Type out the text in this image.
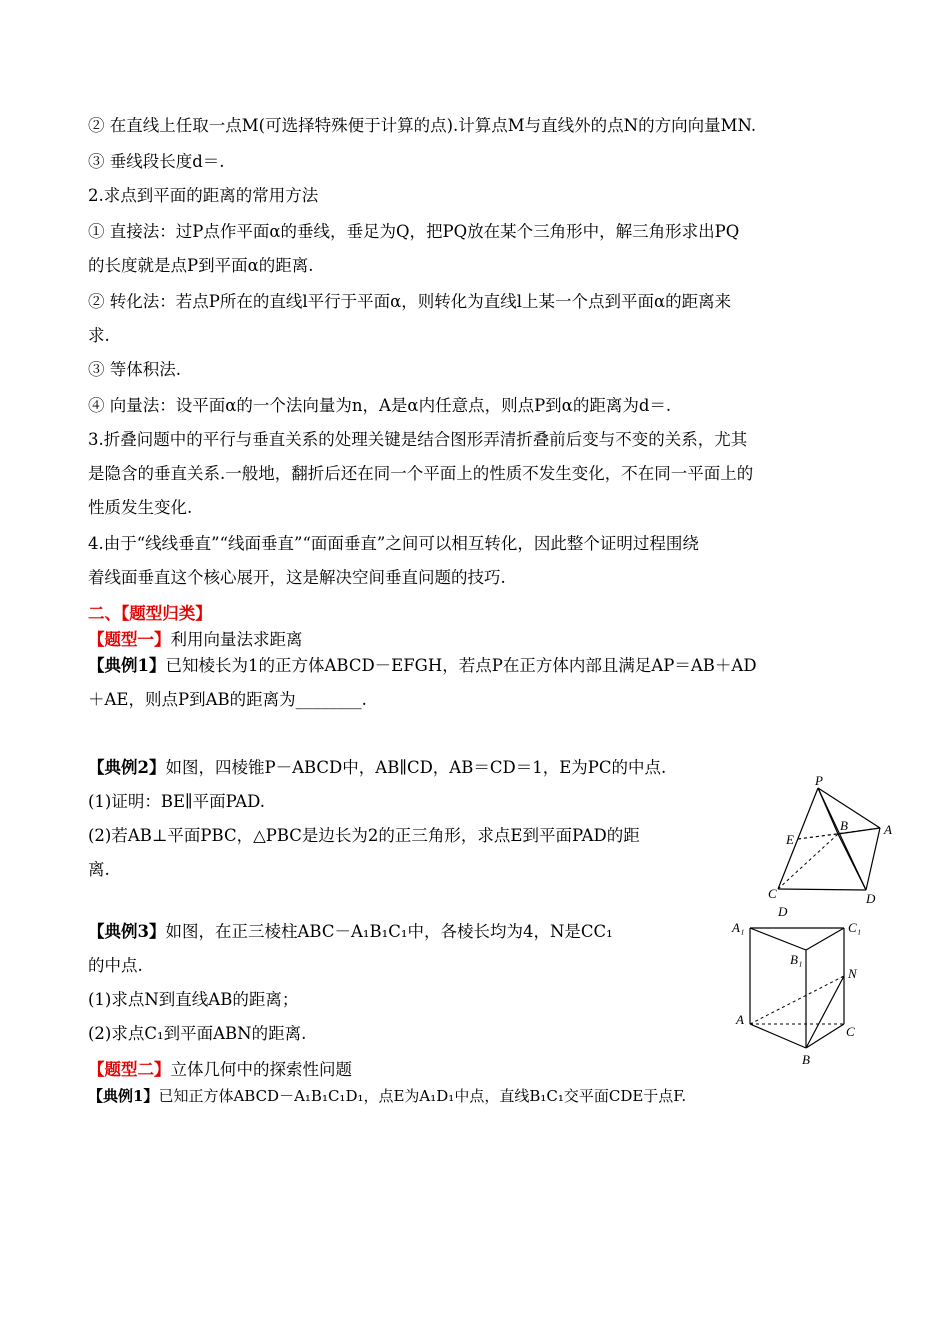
② 在直线上任取一点M(可选择特殊便于计算的点).计算点M与直线外的点N的方向向量MN.

③ 垂线段长度d＝.

2.求点到平面的距离的常用方法

① 直接法：过P点作平面α的垂线，垂足为Q，把PQ放在某个三角形中，解三角形求出PQ

的长度就是点P到平面α的距离.

② 转化法：若点P所在的直线l平行于平面α，则转化为直线l上某一个点到平面α的距离来

求.

③ 等体积法.

④ 向量法：设平面α的一个法向量为n，A是α内任意点，则点P到α的距离为d＝.

3.折叠问题中的平行与垂直关系的处理关键是结合图形弄清折叠前后变与不变的关系，尤其

是隐含的垂直关系.一般地，翻折后还在同一个平面上的性质不发生变化，不在同一平面上的

性质发生变化.

4.由于“线线垂直”“线面垂直”“面面垂直”之间可以相互转化，因此整个证明过程围绕

着线面垂直这个核心展开，这是解决空间垂直问题的技巧.

二、【题型归类】

【题型一】利用向量法求距离

【典例1】已知棱长为1的正方体ABCD－EFGH，若点P在正方体内部且满足AP＝AB＋AD

＋AE，则点P到AB的距离为________.

【典例2】如图，四棱锥P－ABCD中，AB∥CD，AB＝CD＝1，E为PC的中点.

(1)证明：BE∥平面PAD.

(2)若AB⊥平面PBC，△PBC是边长为2的正三角形，求点E到平面PAD的距

离.

【典例3】如图，在正三棱柱ABC－A₁B₁C₁中，各棱长均为4，N是CC₁

的中点.

(1)求点N到直线AB的距离；

(2)求点C₁到平面ABN的距离.

【题型二】立体几何中的探索性问题

【典例1】已知正方体ABCD－A₁B₁C₁D₁，点E为A₁D₁中点，直线B₁C₁交平面CDE于点F.

P
A
B
C	D
E
D
A₁	C₁
B₁
N
A
C
B
